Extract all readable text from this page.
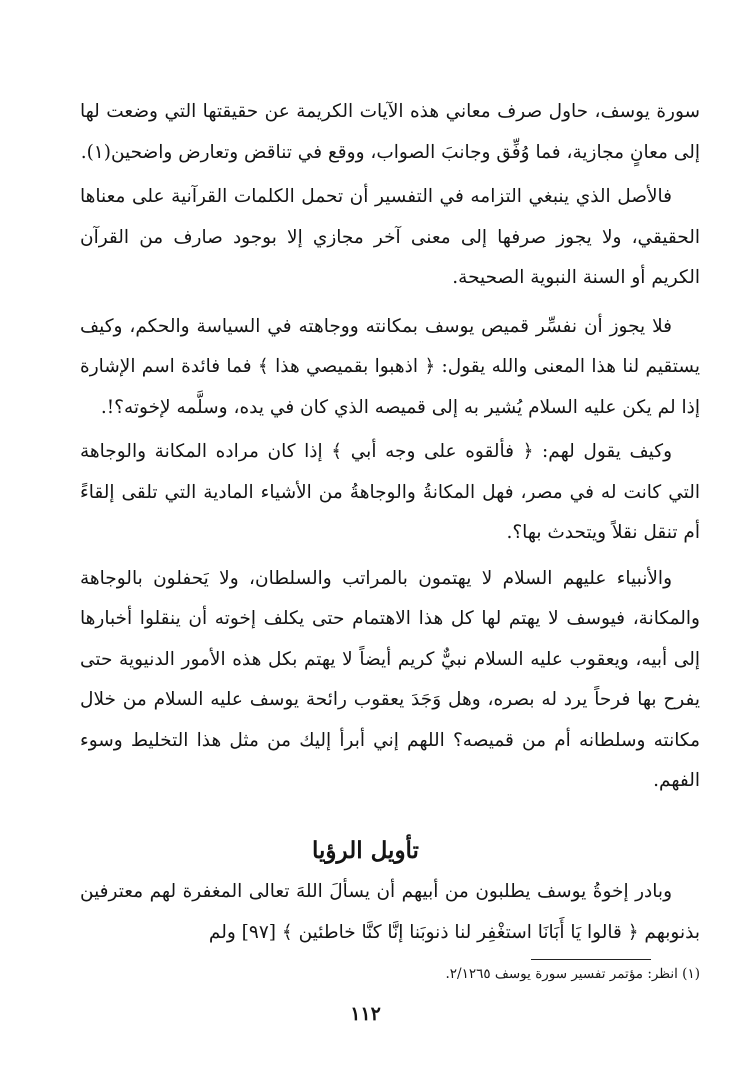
سورة يوسف، حاول صرف معاني هذه الآيات الكريمة عن حقيقتها التي وضعت لها إلى معانٍ مجازية، فما وُفِّق وجانبَ الصواب، ووقع في تناقض وتعارض واضحين(١).

فالأصل الذي ينبغي التزامه في التفسير أن تحمل الكلمات القرآنية على معناها الحقيقي، ولا يجوز صرفها إلى معنى آخر مجازي إلا بوجود صارف من القرآن الكريم أو السنة النبوية الصحيحة.

فلا يجوز أن نفسِّر قميص يوسف بمكانته ووجاهته في السياسة والحكم، وكيف يستقيم لنا هذا المعنى والله يقول: ﴿ اذهبوا بقميصي هذا ﴾ فما فائدة اسم الإشارة إذا لم يكن عليه السلام يُشير به إلى قميصه الذي كان في يده، وسلَّمه لإخوته؟!.

وكيف يقول لهم: ﴿ فألقوه على وجه أبي ﴾ إذا كان مراده المكانة والوجاهة التي كانت له في مصر، فهل المكانةُ والوجاهةُ من الأشياء المادية التي تلقى إلقاءً أم تنقل نقلاً ويتحدث بها؟.

والأنبياء عليهم السلام لا يهتمون بالمراتب والسلطان، ولا يَحفلون بالوجاهة والمكانة، فيوسف لا يهتم لها كل هذا الاهتمام حتى يكلف إخوته أن ينقلوا أخبارها إلى أبيه، ويعقوب عليه السلام نبيٌّ كريم أيضاً لا يهتم بكل هذه الأمور الدنيوية حتى يفرح بها فرحاً يرد له بصره، وهل وَجَدَ يعقوب رائحة يوسف عليه السلام من خلال مكانته وسلطانه أم من قميصه؟ اللهم إني أبرأ إليك من مثل هذا التخليط وسوء الفهم.

تأويل الرؤيا

وبادر إخوةُ يوسف يطلبون من أبيهم أن يسألَ اللهَ تعالى المغفرة لهم معترفين بذنوبهم ﴿ قالوا يَا أَبَانَا استغْفِر لنا ذنوبَنا إنَّا كنَّا خاطئين ﴾ [٩٧] ولم

(١) انظر: مؤتمر تفسير سورة يوسف ٢/١٢٦٥.
١١٢
